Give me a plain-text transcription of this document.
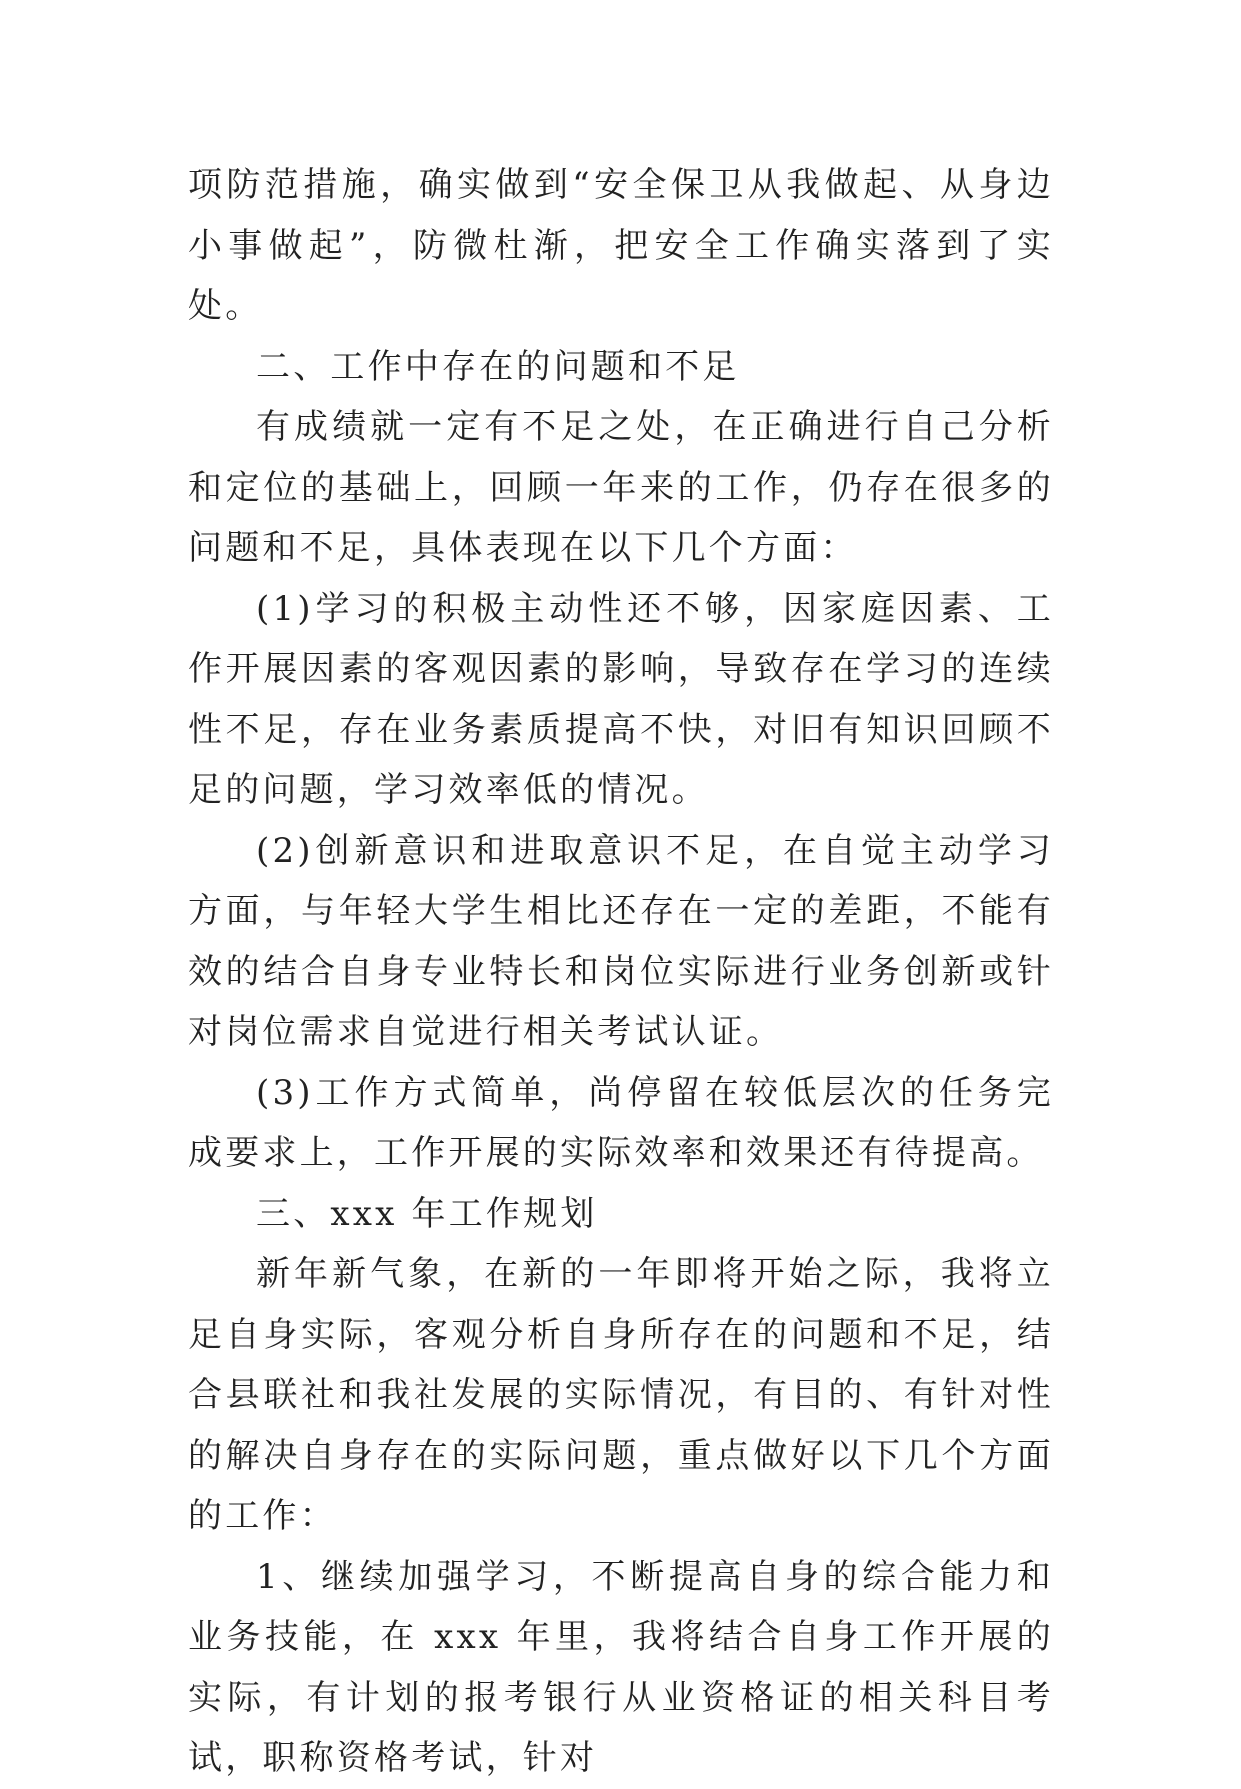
项防范措施，确实做到“安全保卫从我做起、从身边小事做起”，防微杜渐，把安全工作确实落到了实处。

二、工作中存在的问题和不足

有成绩就一定有不足之处，在正确进行自己分析和定位的基础上，回顾一年来的工作，仍存在很多的问题和不足，具体表现在以下几个方面：

(1)学习的积极主动性还不够，因家庭因素、工作开展因素的客观因素的影响，导致存在学习的连续性不足，存在业务素质提高不快，对旧有知识回顾不足的问题，学习效率低的情况。

(2)创新意识和进取意识不足，在自觉主动学习方面，与年轻大学生相比还存在一定的差距，不能有效的结合自身专业特长和岗位实际进行业务创新或针对岗位需求自觉进行相关考试认证。

(3)工作方式简单，尚停留在较低层次的任务完成要求上，工作开展的实际效率和效果还有待提高。

三、xxx 年工作规划

新年新气象，在新的一年即将开始之际，我将立足自身实际，客观分析自身所存在的问题和不足，结合县联社和我社发展的实际情况，有目的、有针对性的解决自身存在的实际问题，重点做好以下几个方面的工作：

1、继续加强学习，不断提高自身的综合能力和业务技能，在 xxx 年里，我将结合自身工作开展的实际，有计划的报考银行从业资格证的相关科目考试，职称资格考试，针对
